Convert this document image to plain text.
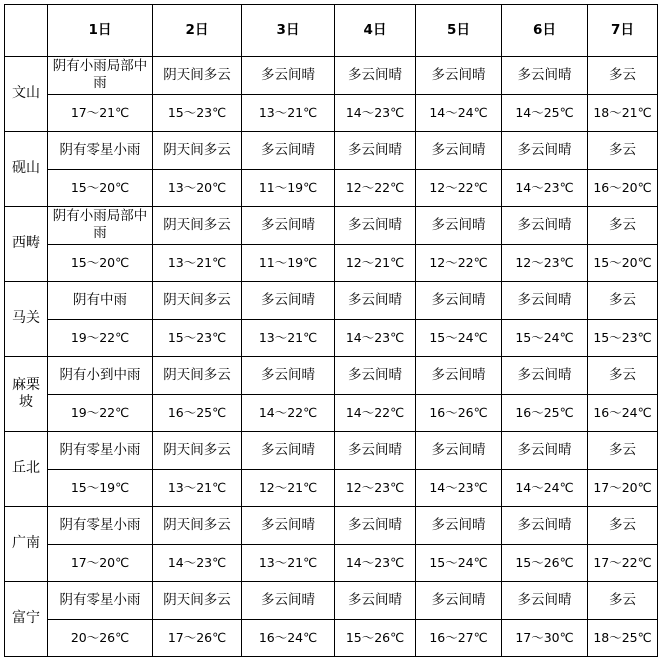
	1日	2日	3日	4日	5日	6日	7日
文山	阴有小雨局部中雨	阴天间多云	多云间晴	多云间晴	多云间晴	多云间晴	多云
	17～21℃	15～23℃	13～21℃	14～23℃	14～24℃	14～25℃	18～21℃
砚山	阴有零星小雨	阴天间多云	多云间晴	多云间晴	多云间晴	多云间晴	多云
	15～20℃	13～20℃	11～19℃	12～22℃	12～22℃	14～23℃	16～20℃
西畴	阴有小雨局部中雨	阴天间多云	多云间晴	多云间晴	多云间晴	多云间晴	多云
	15～20℃	13～21℃	11～19℃	12～21℃	12～22℃	12～23℃	15～20℃
马关	阴有中雨	阴天间多云	多云间晴	多云间晴	多云间晴	多云间晴	多云
	19～22℃	15～23℃	13～21℃	14～23℃	15～24℃	15～24℃	15～23℃
麻栗坡	阴有小到中雨	阴天间多云	多云间晴	多云间晴	多云间晴	多云间晴	多云
	19～22℃	16～25℃	14～22℃	14～22℃	16～26℃	16～25℃	16～24℃
丘北	阴有零星小雨	阴天间多云	多云间晴	多云间晴	多云间晴	多云间晴	多云
	15～19℃	13～21℃	12～21℃	12～23℃	14～23℃	14～24℃	17～20℃
广南	阴有零星小雨	阴天间多云	多云间晴	多云间晴	多云间晴	多云间晴	多云
	17～20℃	14～23℃	13～21℃	14～23℃	15～24℃	15～26℃	17～22℃
富宁	阴有零星小雨	阴天间多云	多云间晴	多云间晴	多云间晴	多云间晴	多云
	20～26℃	17～26℃	16～24℃	15～26℃	16～27℃	17～30℃	18～25℃
